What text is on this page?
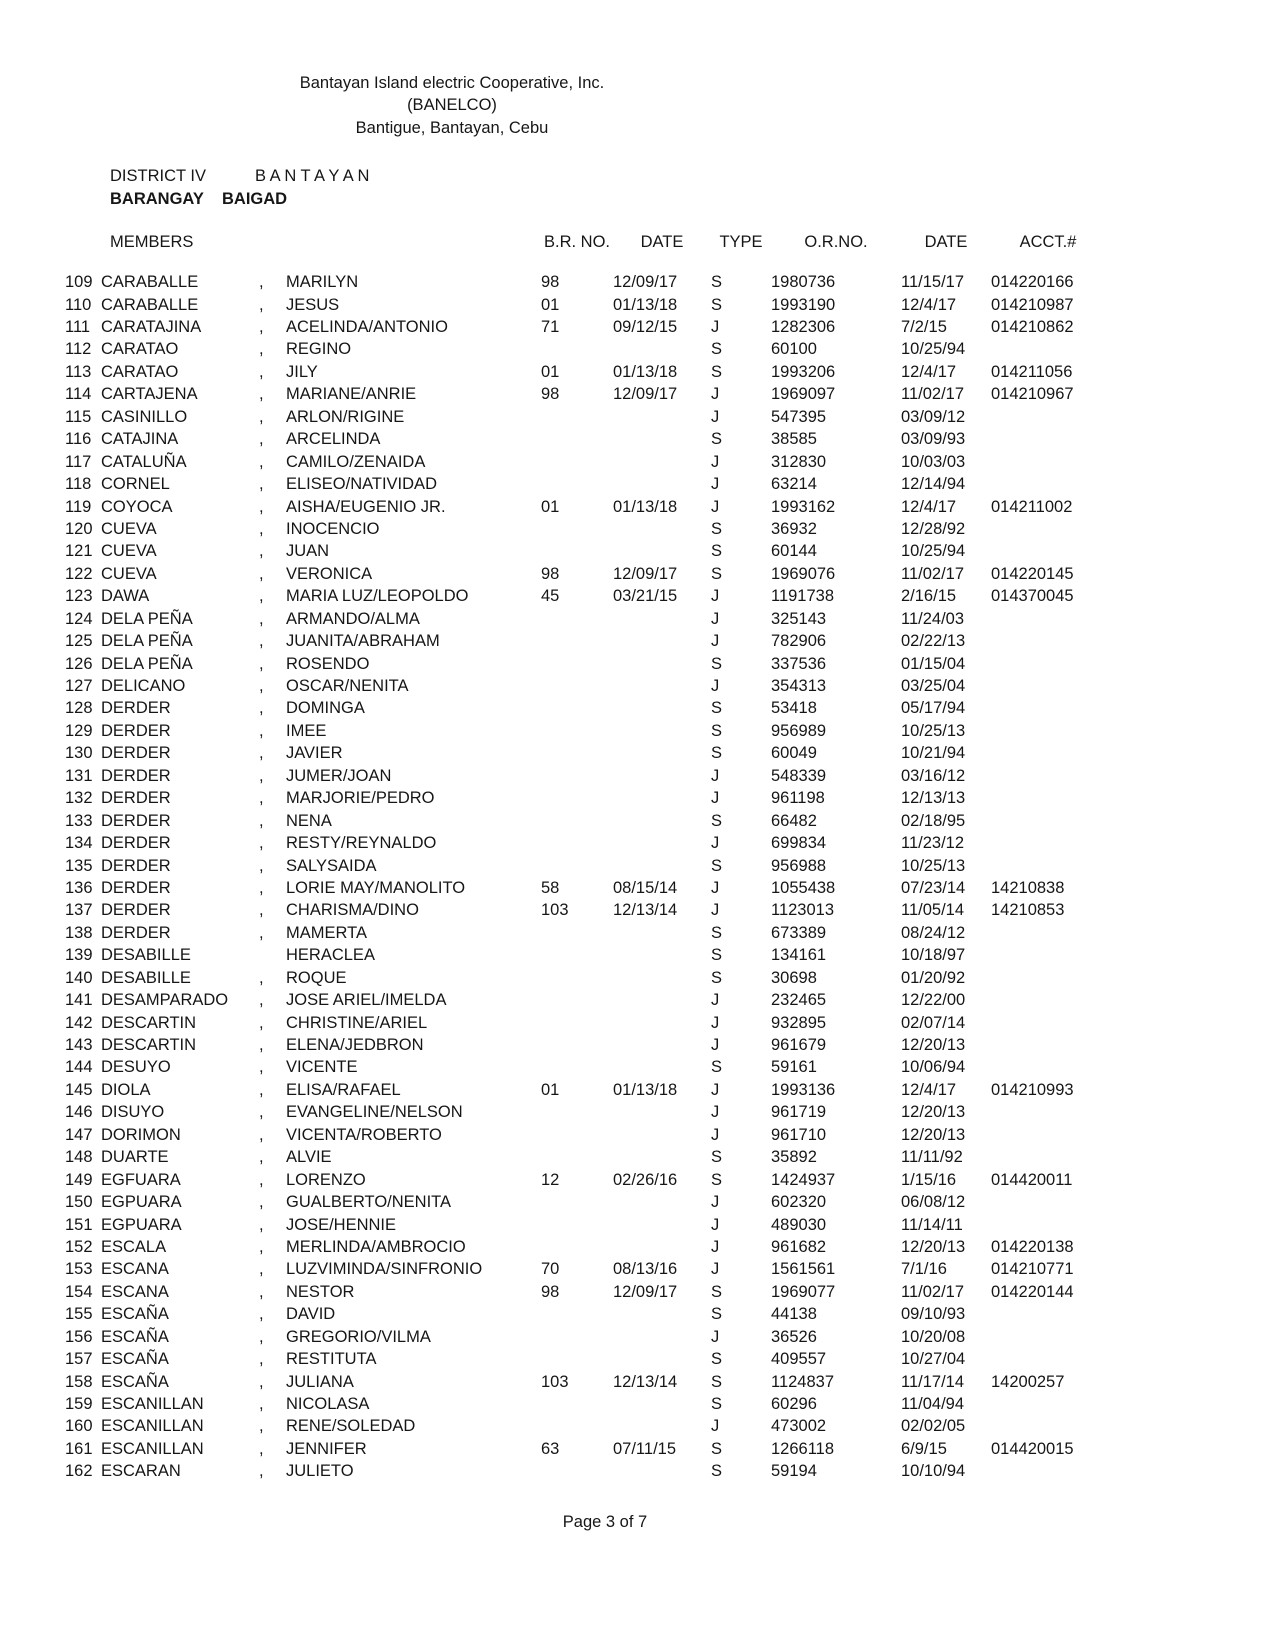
Bantayan Island electric Cooperative, Inc.
(BANELCO)
Bantigue, Bantayan, Cebu
DISTRICT IV	B A N T A Y A N
BARANGAY BAIGAD
MEMBERS				B.R. NO.	DATE	TYPE	O.R.NO.	DATE	ACCT.#

109	CARABALLE	,	MARILYN	98	12/09/17	S	1980736	11/15/17	014220166
110	CARABALLE	,	JESUS	01	01/13/18	S	1993190	12/4/17	014210987
111	CARATAJINA	,	ACELINDA/ANTONIO	71	09/12/15	J	1282306	7/2/15	014210862
112	CARATAO	,	REGINO			S	60100	10/25/94	
113	CARATAO	,	JILY	01	01/13/18	S	1993206	12/4/17	014211056
114	CARTAJENA	,	MARIANE/ANRIE	98	12/09/17	J	1969097	11/02/17	014210967
115	CASINILLO	,	ARLON/RIGINE			J	547395	03/09/12	
116	CATAJINA	,	ARCELINDA			S	38585	03/09/93	
117	CATALUÑA	,	CAMILO/ZENAIDA			J	312830	10/03/03	
118	CORNEL	,	ELISEO/NATIVIDAD			J	63214	12/14/94	
119	COYOCA	,	AISHA/EUGENIO JR.	01	01/13/18	J	1993162	12/4/17	014211002
120	CUEVA	,	INOCENCIO			S	36932	12/28/92	
121	CUEVA	,	JUAN			S	60144	10/25/94	
122	CUEVA	,	VERONICA	98	12/09/17	S	1969076	11/02/17	014220145
123	DAWA	,	MARIA LUZ/LEOPOLDO	45	03/21/15	J	1191738	2/16/15	014370045
124	DELA PEÑA	,	ARMANDO/ALMA			J	325143	11/24/03	
125	DELA PEÑA	,	JUANITA/ABRAHAM			J	782906	02/22/13	
126	DELA PEÑA	,	ROSENDO			S	337536	01/15/04	
127	DELICANO	,	OSCAR/NENITA			J	354313	03/25/04	
128	DERDER	,	DOMINGA			S	53418	05/17/94	
129	DERDER	,	IMEE			S	956989	10/25/13	
130	DERDER	,	JAVIER			S	60049	10/21/94	
131	DERDER	,	JUMER/JOAN			J	548339	03/16/12	
132	DERDER	,	MARJORIE/PEDRO			J	961198	12/13/13	
133	DERDER	,	NENA			S	66482	02/18/95	
134	DERDER	,	RESTY/REYNALDO			J	699834	11/23/12	
135	DERDER	,	SALYSAIDA			S	956988	10/25/13	
136	DERDER	,	LORIE MAY/MANOLITO	58	08/15/14	J	1055438	07/23/14	14210838
137	DERDER	,	CHARISMA/DINO	103	12/13/14	J	1123013	11/05/14	14210853
138	DERDER	,	MAMERTA			S	673389	08/24/12	
139	DESABILLE		HERACLEA			S	134161	10/18/97	
140	DESABILLE	,	ROQUE			S	30698	01/20/92	
141	DESAMPARADO	,	JOSE ARIEL/IMELDA			J	232465	12/22/00	
142	DESCARTIN	,	CHRISTINE/ARIEL			J	932895	02/07/14	
143	DESCARTIN	,	ELENA/JEDBRON			J	961679	12/20/13	
144	DESUYO	,	VICENTE			S	59161	10/06/94	
145	DIOLA	,	ELISA/RAFAEL	01	01/13/18	J	1993136	12/4/17	014210993
146	DISUYO	,	EVANGELINE/NELSON			J	961719	12/20/13	
147	DORIMON	,	VICENTA/ROBERTO			J	961710	12/20/13	
148	DUARTE	,	ALVIE			S	35892	11/11/92	
149	EGFUARA	,	LORENZO	12	02/26/16	S	1424937	1/15/16	014420011
150	EGPUARA	,	GUALBERTO/NENITA			J	602320	06/08/12	
151	EGPUARA	,	JOSE/HENNIE			J	489030	11/14/11	
152	ESCALA	,	MERLINDA/AMBROCIO			J	961682	12/20/13	014220138
153	ESCANA	,	LUZVIMINDA/SINFRONIO	70	08/13/16	J	1561561	7/1/16	014210771
154	ESCANA	,	NESTOR	98	12/09/17	S	1969077	11/02/17	014220144
155	ESCAÑA	,	DAVID			S	44138	09/10/93	
156	ESCAÑA	,	GREGORIO/VILMA			J	36526	10/20/08	
157	ESCAÑA	,	RESTITUTA			S	409557	10/27/04	
158	ESCAÑA	,	JULIANA	103	12/13/14	S	1124837	11/17/14	14200257
159	ESCANILLAN	,	NICOLASA			S	60296	11/04/94	
160	ESCANILLAN	,	RENE/SOLEDAD			J	473002	02/02/05	
161	ESCANILLAN	,	JENNIFER	63	07/11/15	S	1266118	6/9/15	014420015
162	ESCARAN	,	JULIETO			S	59194	10/10/94	
Page 3 of 7
